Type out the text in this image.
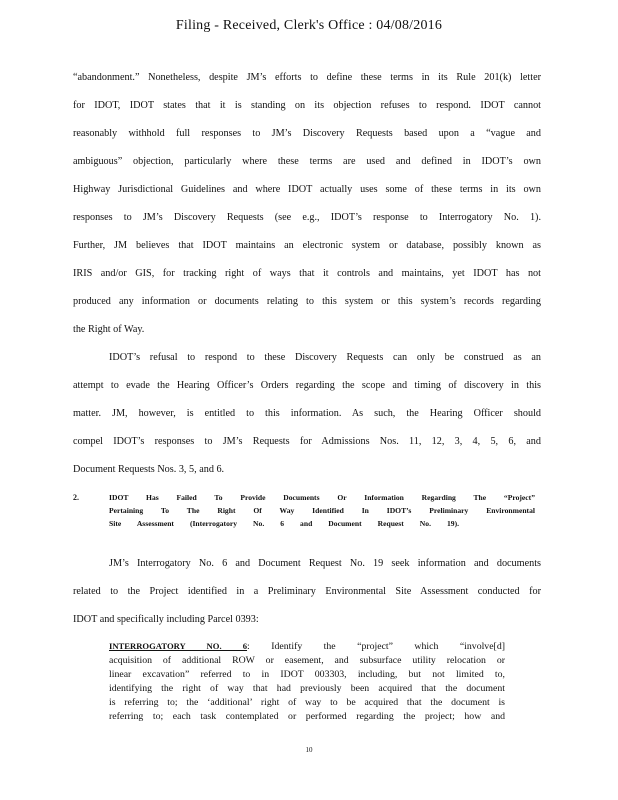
Filing - Received, Clerk's Office : 04/08/2016
“abandonment.” Nonetheless, despite JM’s efforts to define these terms in its Rule 201(k) letter
for IDOT, IDOT states that it is standing on its objection refuses to respond. IDOT cannot
reasonably withhold full responses to JM’s Discovery Requests based upon a “vague and
ambiguous” objection, particularly where these terms are used and defined in IDOT’s own
Highway Jurisdictional Guidelines and where IDOT actually uses some of these terms in its own
responses to JM’s Discovery Requests (see e.g., IDOT’s response to Interrogatory No. 1).
Further, JM believes that IDOT maintains an electronic system or database, possibly known as
IRIS and/or GIS, for tracking right of ways that it controls and maintains, yet IDOT has not
produced any information or documents relating to this system or this system’s records regarding
the Right of Way.
IDOT’s refusal to respond to these Discovery Requests can only be construed as an
attempt to evade the Hearing Officer’s Orders regarding the scope and timing of discovery in this
matter. JM, however, is entitled to this information. As such, the Hearing Officer should
compel IDOT’s responses to JM’s Requests for Admissions Nos. 11, 12, 3, 4, 5, 6, and
Document Requests Nos. 3, 5, and 6.
2.	IDOT Has Failed To Provide Documents Or Information Regarding The “Project”
Pertaining To The Right Of Way Identified In IDOT’s Preliminary Environmental
Site Assessment (Interrogatory No. 6 and Document Request No. 19).
JM’s Interrogatory No. 6 and Document Request No. 19 seek information and documents
related to the Project identified in a Preliminary Environmental Site Assessment conducted for
IDOT and specifically including Parcel 0393:
INTERROGATORY NO. 6: Identify the “project” which “involve[d]
acquisition of additional ROW or easement, and subsurface utility relocation or
linear excavation” referred to in IDOT 003303, including, but not limited to,
identifying the right of way that had previously been acquired that the document
is referring to; the ‘additional’ right of way to be acquired that the document is
referring to; each task contemplated or performed regarding the project; how and
10
